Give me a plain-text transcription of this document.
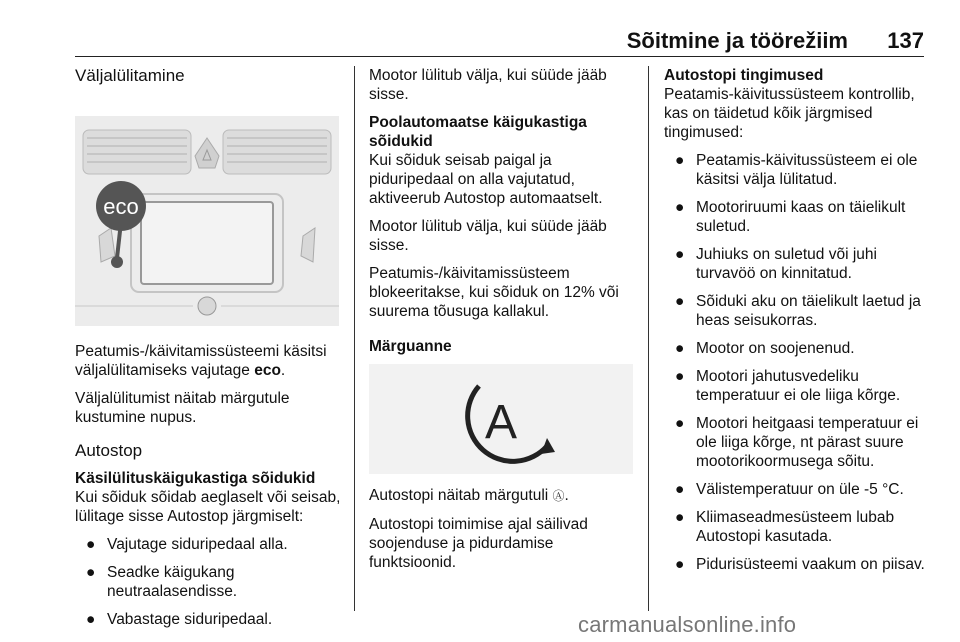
Sõitmine ja töörežiim 137
Väljalülitamine
eco

Peatumis-/käivitamissüsteemi käsitsi väljalülitamiseks vajutage eco.

Väljalülitumist näitab märgutule kustumine nupus.

Autostop

Käsilülituskäigukastiga sõidukid

Kui sõiduk sõidab aeglaselt või seisab, lülitage sisse Autostop järgmiselt:

● Vajutage siduripedaal alla.
● Seadke käigukang neutraalasendisse.
● Vabastage siduripedaal.

Mootor lülitub välja, kui süüde jääb sisse.

Poolautomaatse käigukastiga sõidukid

Kui sõiduk seisab paigal ja piduripedaal on alla vajutatud, aktiveerub Autostop automaatselt.

Mootor lülitub välja, kui süüde jääb sisse.

Peatumis-/käivitamissüsteem blokeeritakse, kui sõiduk on 12% või suurema tõusuga kallakul.

Märguanne

A

Autostopi näitab märgutuli Ⓐ.

Autostopi toimimise ajal säilivad soojenduse ja pidurdamise funktsioonid.

Autostopi tingimused

Peatamis-käivitussüsteem kontrollib, kas on täidetud kõik järgmised tingimused:

● Peatamis-käivitussüsteem ei ole käsitsi välja lülitatud.
● Mootoriruumi kaas on täielikult suletud.
● Juhiuks on suletud või juhi turvavöö on kinnitatud.
● Sõiduki aku on täielikult laetud ja heas seisukorras.
● Mootor on soojenenud.
● Mootori jahutusvedeliku temperatuur ei ole liiga kõrge.
● Mootori heitgaasi temperatuur ei ole liiga kõrge, nt pärast suure mootorikoormusega sõitu.
● Välistemperatuur on üle -5 °C.
● Kliimaseadmesüsteem lubab Autostopi kasutada.
● Pidurisüsteemi vaakum on piisav.
carmanualsonline.info
